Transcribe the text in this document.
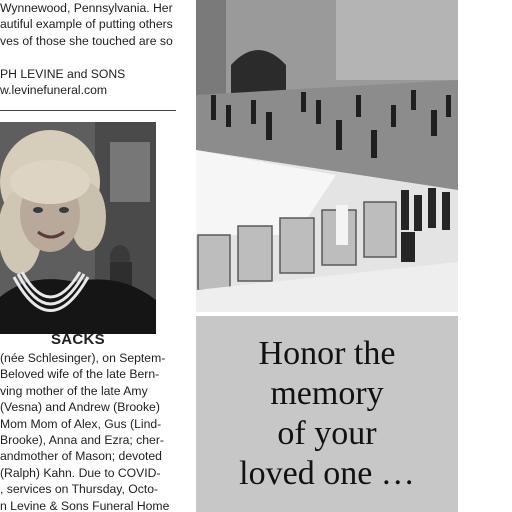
Wynnewood, Pennsylvania. Her
autiful example of putting others
ves of those she touched are so
PH LEVINE and SONS
w.levinefuneral.com
SACKS
(née Schlesinger), on Septem-
Beloved wife of the late Bern-
ving mother of the late Amy
(Vesna) and Andrew (Brooke)
Mom Mom of Alex, Gus (Lind-
Brooke), Anna and Ezra; cher-
andmother of Mason; devoted
(Ralph) Kahn. Due to COVID-
, services on Thursday, Octo-
n Levine & Sons Funeral Home
Honor the
memory
of your
loved one …
